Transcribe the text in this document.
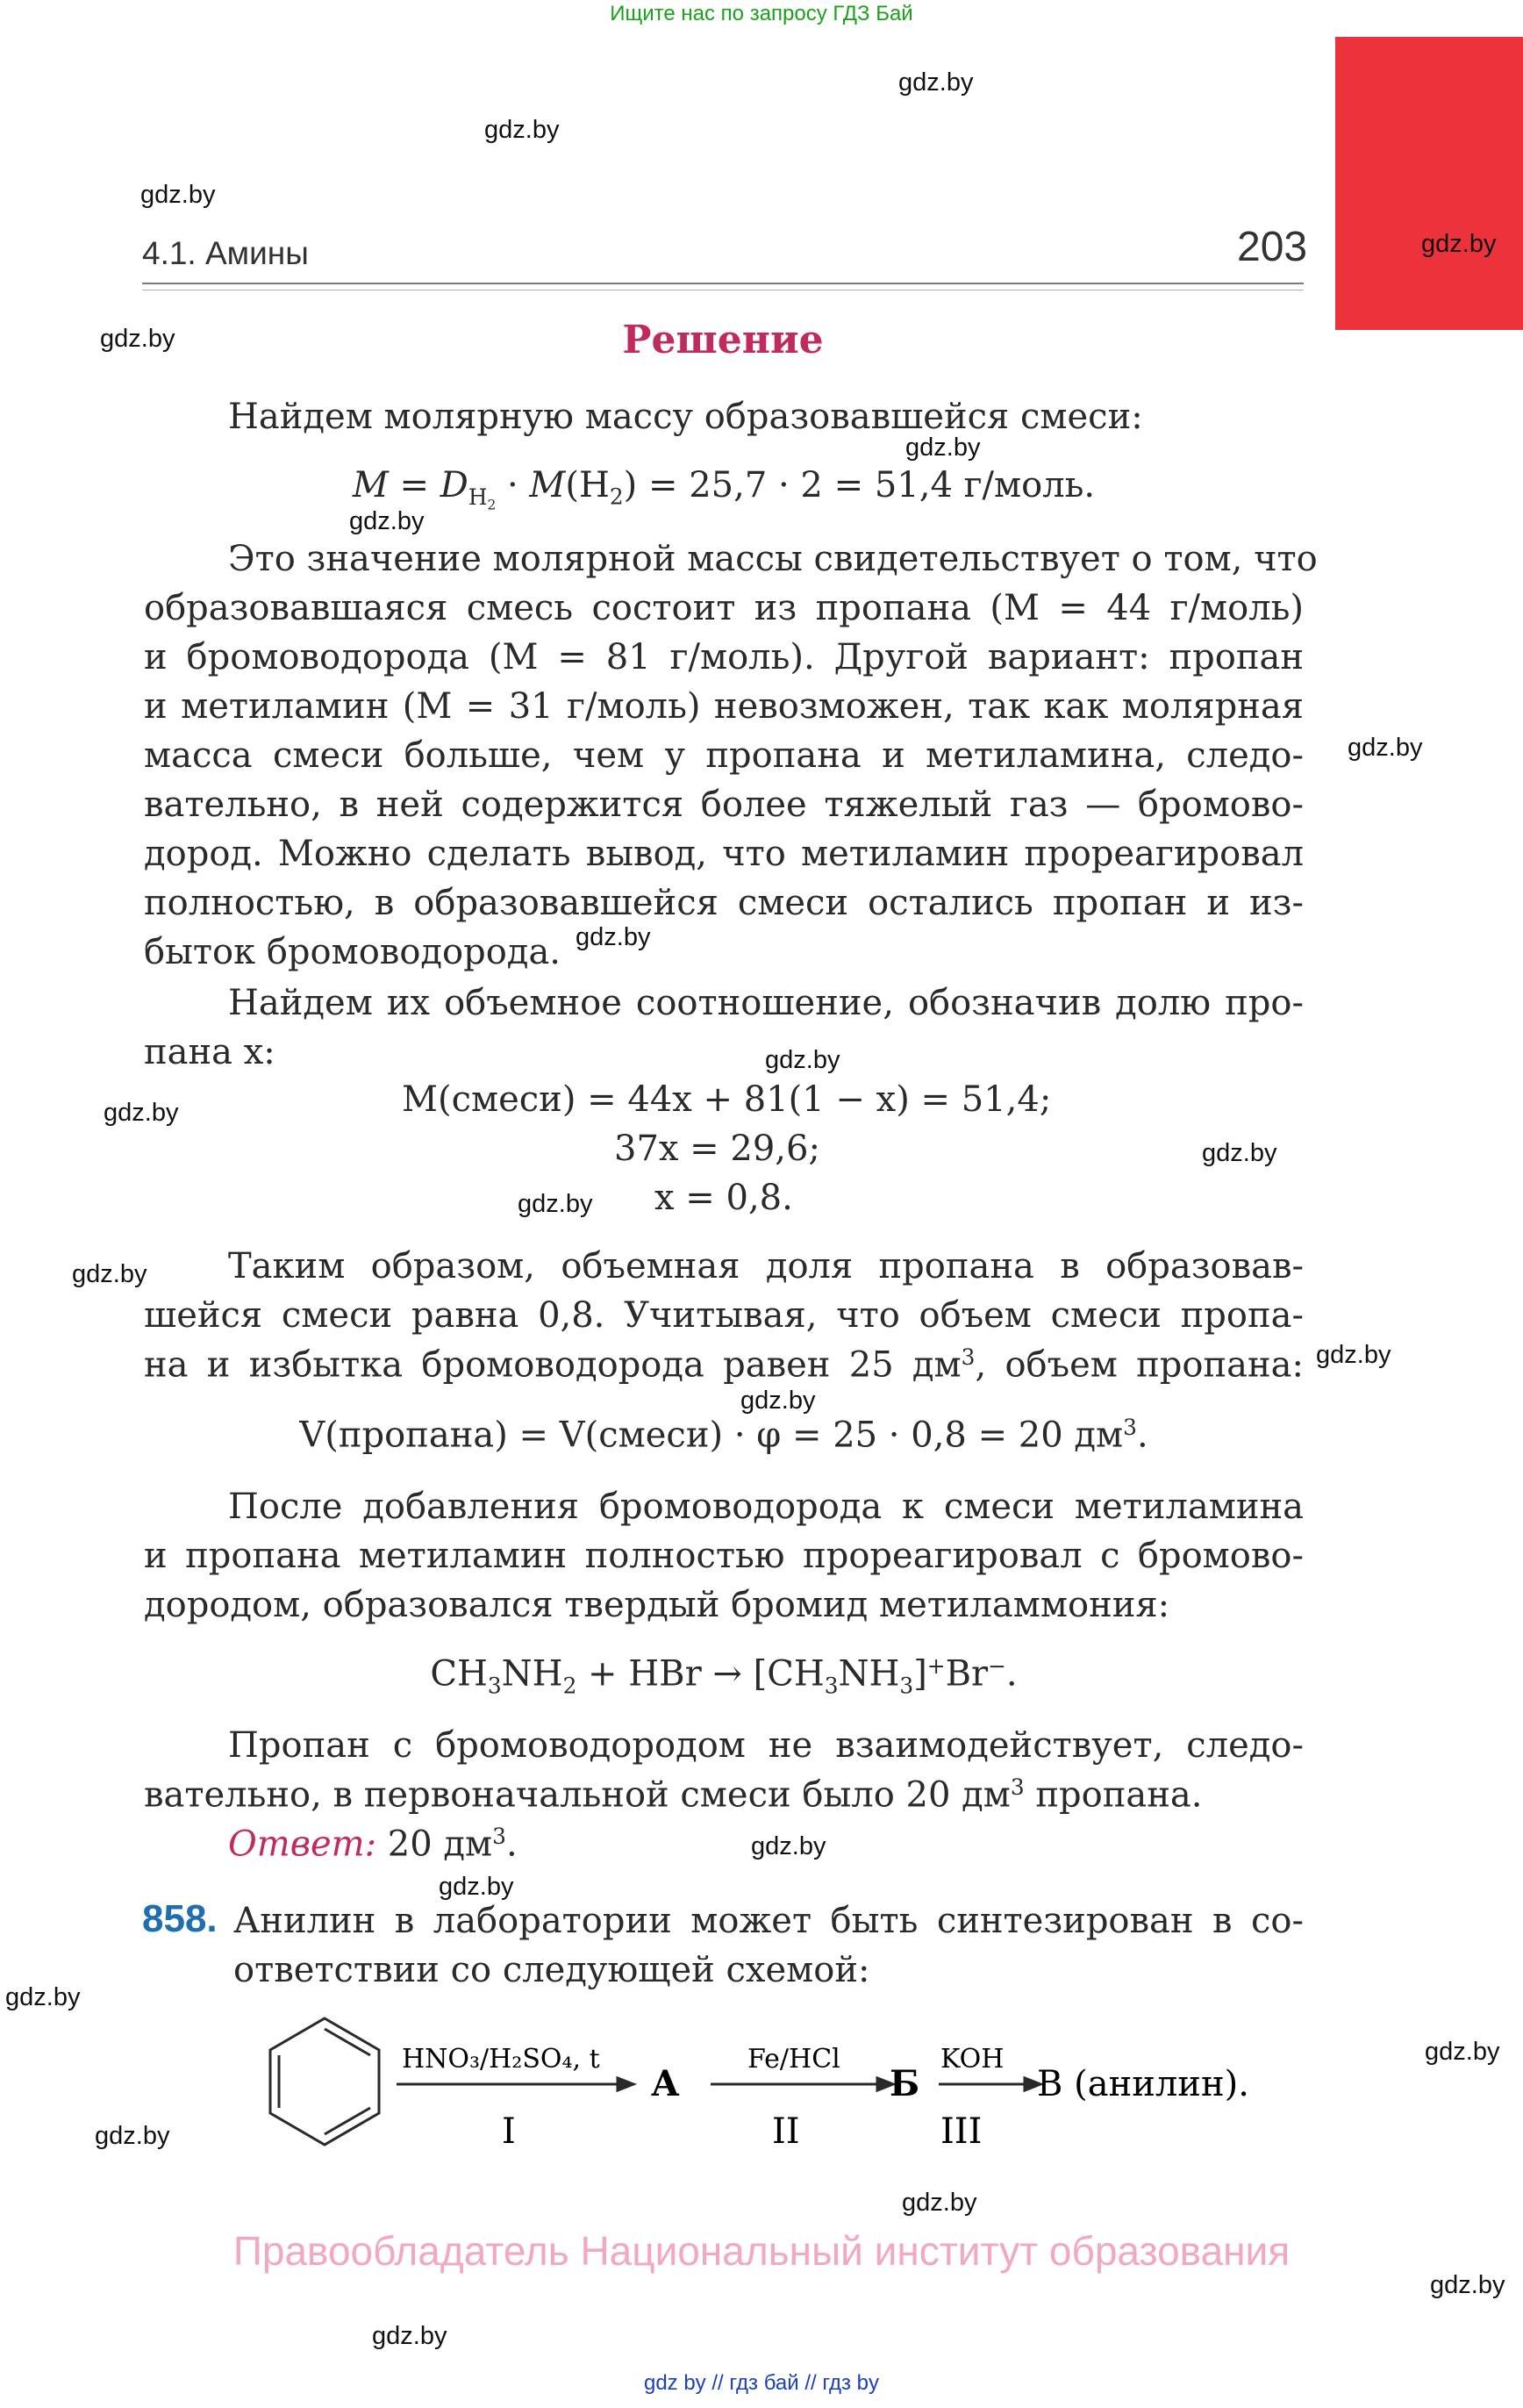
Ищите нас по запросу ГДЗ Бай
gdz.by
gdz.by
gdz.by
gdz.by
gdz.by
gdz.by
gdz.by
gdz.by
gdz.by
gdz.by
gdz.by
gdz.by
gdz.by
gdz.by
gdz.by
gdz.by
gdz.by
gdz.by
gdz.by
gdz.by
gdz.by
gdz.by
gdz.by
gdz.by
4.1. Амины	203
Решение
Найдем молярную массу образовавшейся смеси:
$M = D_{H_2} \cdot M(H_2) = 25,7 \cdot 2 = 51,4$ г/моль.
Это значение молярной массы свидетельствует о том, что
образовавшаяся смесь состоит из пропана (M = 44 г/моль)
и бромоводорода (M = 81 г/моль). Другой вариант: пропан
и метиламин (M = 31 г/моль) невозможен, так как молярная
масса смеси больше, чем у пропана и метиламина, следо-
вательно, в ней содержится более тяжелый газ — бромово-
дород. Можно сделать вывод, что метиламин прореагировал
полностью, в образовавшейся смеси остались пропан и из-
быток бромоводорода.
Найдем их объемное соотношение, обозначив долю про-
пана x:
M(смеси) = 44x + 81(1 − x) = 51,4;
37x = 29,6;
x = 0,8.
Таким образом, объемная доля пропана в образовав-
шейся смеси равна 0,8. Учитывая, что объем смеси пропа-
на и избытка бромоводорода равен 25 $дм^3$, объем пропана:
V(пропана) = V(смеси) · φ = 25 · 0,8 = 20 $дм^3$.
После добавления бромоводорода к смеси метиламина
и пропана метиламин полностью прореагировал с бромово-
дородом, образовался твердый бромид метиламмония:
$CH_3NH_2$ + HBr → $[CH_3NH_3]^+Br^-$.
Пропан с бромоводородом не взаимодействует, следо-
вательно, в первоначальной смеси было 20 $дм^3$ пропана.
Ответ: 20 $дм^3$.
858. Анилин в лаборатории может быть синтезирован в со-
ответствии со следующей схемой:
HNO₃/H₂SO₄, t
А
Fe/HCl
Б
KOH
В (анилин).
I	II	III
Правообладатель Национальный институт образования
gdz by // гдз бай // гдз by
